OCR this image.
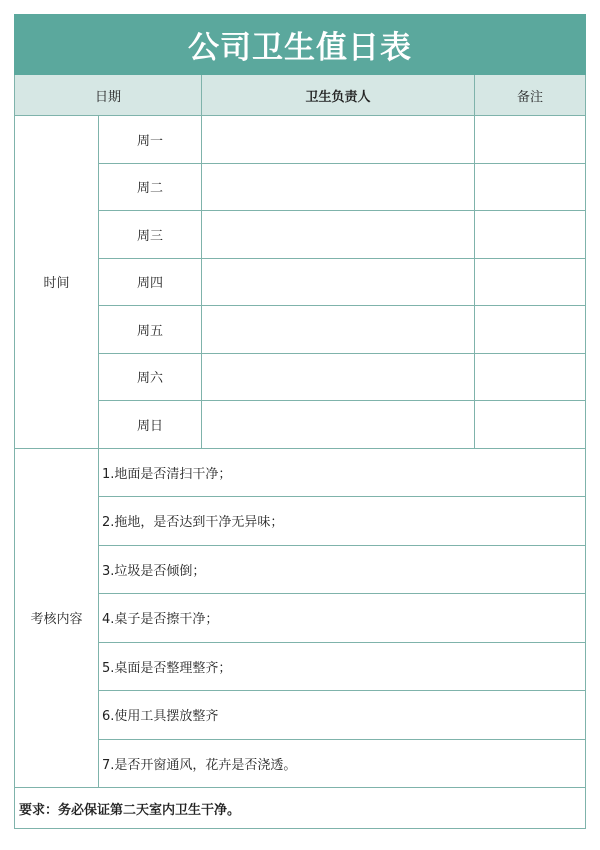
公司卫生值日表			
日期		卫生负责人	备注
时间	周一		
	周二		
	周三		
	周四		
	周五		
	周六		
	周日		
考核内容	1.地面是否清扫干净；		
	2.拖地，是否达到干净无异味；		
	3.垃圾是否倾倒；		
	4.桌子是否擦干净；		
	5.桌面是否整理整齐；		
	6.使用工具摆放整齐		
	7.是否开窗通风，花卉是否浇透。		
要求：务必保证第二天室内卫生干净。			
